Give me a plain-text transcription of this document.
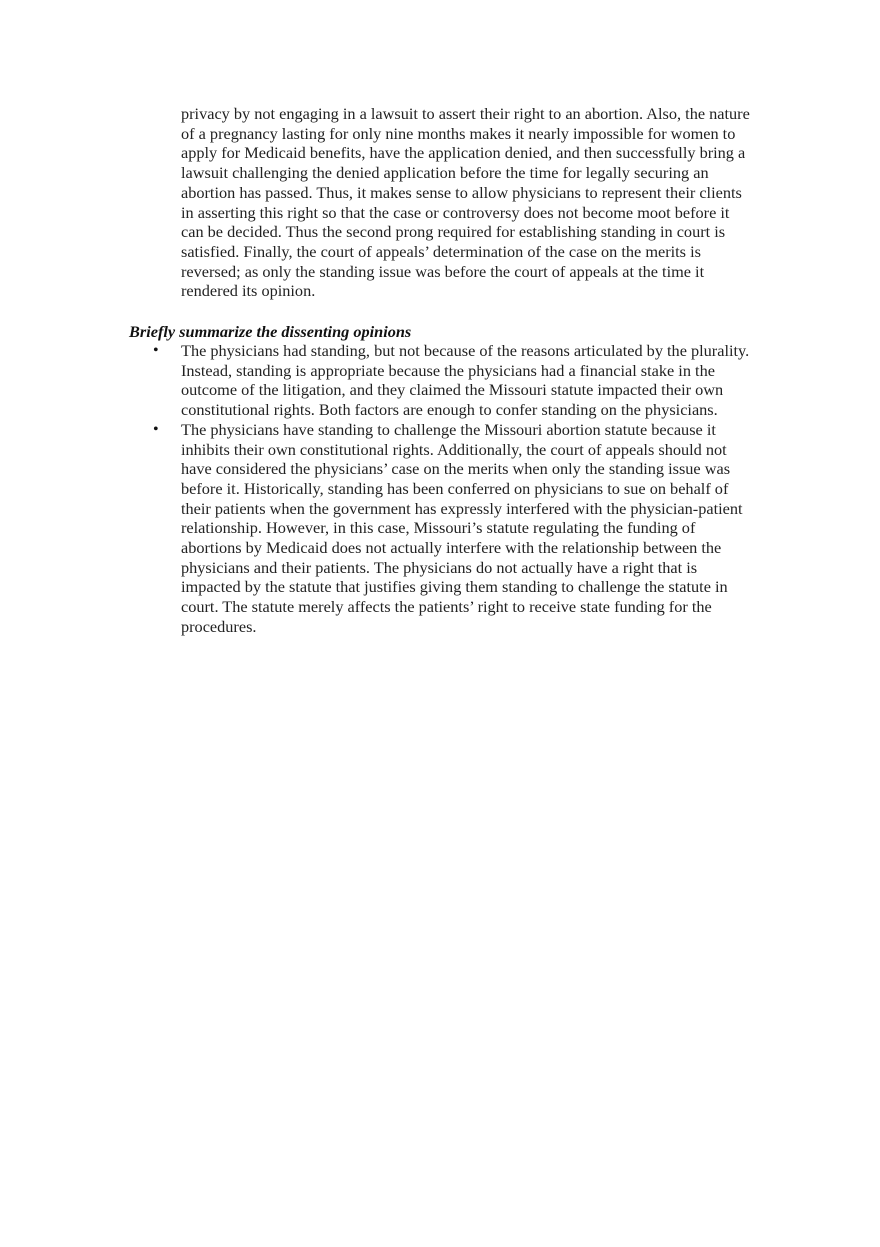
privacy by not engaging in a lawsuit to assert their right to an abortion. Also, the nature of a pregnancy lasting for only nine months makes it nearly impossible for women to apply for Medicaid benefits, have the application denied, and then successfully bring a lawsuit challenging the denied application before the time for legally securing an abortion has passed. Thus, it makes sense to allow physicians to represent their clients in asserting this right so that the case or controversy does not become moot before it can be decided. Thus the second prong required for establishing standing in court is satisfied. Finally, the court of appeals’ determination of the case on the merits is reversed; as only the standing issue was before the court of appeals at the time it rendered its opinion.

Briefly summarize the dissenting opinions
• The physicians had standing, but not because of the reasons articulated by the plurality. Instead, standing is appropriate because the physicians had a financial stake in the outcome of the litigation, and they claimed the Missouri statute impacted their own constitutional rights. Both factors are enough to confer standing on the physicians.
• The physicians have standing to challenge the Missouri abortion statute because it inhibits their own constitutional rights. Additionally, the court of appeals should not have considered the physicians’ case on the merits when only the standing issue was before it. Historically, standing has been conferred on physicians to sue on behalf of their patients when the government has expressly interfered with the physician-patient relationship. However, in this case, Missouri’s statute regulating the funding of abortions by Medicaid does not actually interfere with the relationship between the physicians and their patients. The physicians do not actually have a right that is impacted by the statute that justifies giving them standing to challenge the statute in court. The statute merely affects the patients’ right to receive state funding for the procedures.
